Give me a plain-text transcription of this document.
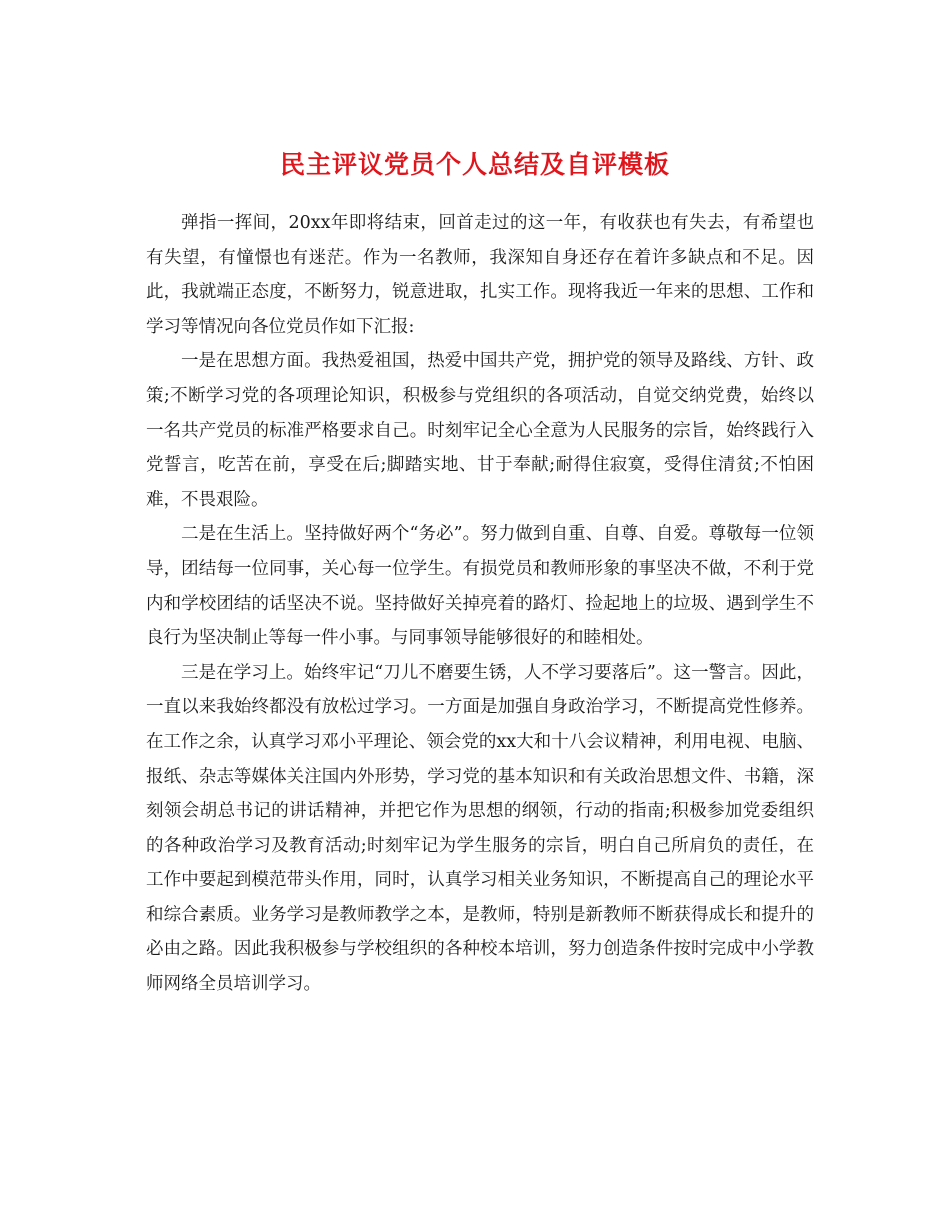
民主评议党员个人总结及自评模板

弹指一挥间，20xx年即将结束，回首走过的这一年，有收获也有失去，有希望也有失望，有憧憬也有迷茫。作为一名教师，我深知自身还存在着许多缺点和不足。因此，我就端正态度，不断努力，锐意进取，扎实工作。现将我近一年来的思想、工作和学习等情况向各位党员作如下汇报:

一是在思想方面。我热爱祖国，热爱中国共产党，拥护党的领导及路线、方针、政策;不断学习党的各项理论知识，积极参与党组织的各项活动，自觉交纳党费，始终以一名共产党员的标准严格要求自己。时刻牢记全心全意为人民服务的宗旨，始终践行入党誓言，吃苦在前，享受在后;脚踏实地、甘于奉献;耐得住寂寞，受得住清贫;不怕困难，不畏艰险。

二是在生活上。坚持做好两个“务必”。努力做到自重、自尊、自爱。尊敬每一位领导，团结每一位同事，关心每一位学生。有损党员和教师形象的事坚决不做，不利于党内和学校团结的话坚决不说。坚持做好关掉亮着的路灯、捡起地上的垃圾、遇到学生不良行为坚决制止等每一件小事。与同事领导能够很好的和睦相处。

三是在学习上。始终牢记“刀儿不磨要生锈，人不学习要落后”。这一警言。因此，一直以来我始终都没有放松过学习。一方面是加强自身政治学习，不断提高党性修养。在工作之余，认真学习邓小平理论、领会党的xx大和十八会议精神，利用电视、电脑、报纸、杂志等媒体关注国内外形势，学习党的基本知识和有关政治思想文件、书籍，深刻领会胡总书记的讲话精神，并把它作为思想的纲领，行动的指南;积极参加党委组织的各种政治学习及教育活动;时刻牢记为学生服务的宗旨，明白自己所肩负的责任，在工作中要起到模范带头作用，同时，认真学习相关业务知识，不断提高自己的理论水平和综合素质。业务学习是教师教学之本，是教师，特别是新教师不断获得成长和提升的必由之路。因此我积极参与学校组织的各种校本培训，努力创造条件按时完成中小学教师网络全员培训学习。
